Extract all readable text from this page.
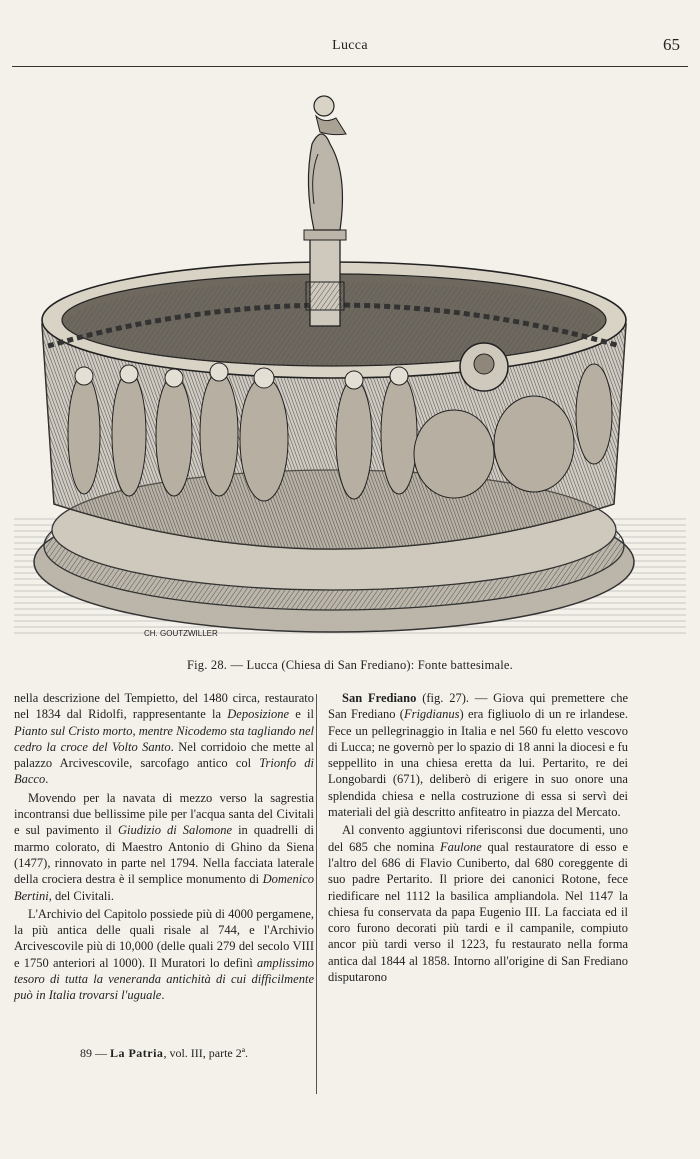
Lucca	65
CH. GOUTZWILLER
Fig. 28. — Lucca (Chiesa di San Frediano): Fonte battesimale.

nella descrizione del Tempietto, del 1480 circa, restaurato nel 1834 dal Ridolfi, rappresentante la Deposizione e il Pianto sul Cristo morto, mentre Nicodemo sta tagliando nel cedro la croce del Volto Santo. Nel corridoio che mette al palazzo Arcivescovile, sarcofago antico col Trionfo di Bacco.

Movendo per la navata di mezzo verso la sagrestia incontransi due bellissime pile per l'acqua santa del Civitali e sul pavimento il Giudizio di Salomone in quadrelli di marmo colorato, di Maestro Antonio di Ghino da Siena (1477), rinnovato in parte nel 1794. Nella facciata laterale della crociera destra è il semplice monumento di Domenico Bertini, del Civitali.

L'Archivio del Capitolo possiede più di 4000 pergamene, la più antica delle quali risale al 744, e l'Archivio Arcivescovile più di 10,000 (delle quali 279 del secolo VIII e 1750 anteriori al 1000). Il Muratori lo definì amplissimo tesoro di tutta la veneranda antichità di cui difficilmente può in Italia trovarsi l'uguale.

89 — La Patria, vol. III, parte 2ª.

San Frediano (fig. 27). — Giova qui premettere che San Frediano (Frigdianus) era figliuolo di un re irlandese. Fece un pellegrinaggio in Italia e nel 560 fu eletto vescovo di Lucca; ne governò per lo spazio di 18 anni la diocesi e fu seppellito in una chiesa eretta da lui. Pertarito, re dei Longobardi (671), deliberò di erigere in suo onore una splendida chiesa e nella costruzione di essa si servì dei materiali del già descritto anfiteatro in piazza del Mercato.

Al convento aggiuntovi riferisconsi due documenti, uno del 685 che nomina Faulone qual restauratore di esso e l'altro del 686 di Flavio Cuniberto, dal 680 coreggente di suo padre Pertarito. Il priore dei canonici Rotone, fece riedificare nel 1112 la basilica ampliandola. Nel 1147 la chiesa fu conservata da papa Eugenio III. La facciata ed il coro furono decorati più tardi e il campanile, compiuto ancor più tardi verso il 1223, fu restaurato nella forma antica dal 1844 al 1858. Intorno all'origine di San Frediano disputarono
